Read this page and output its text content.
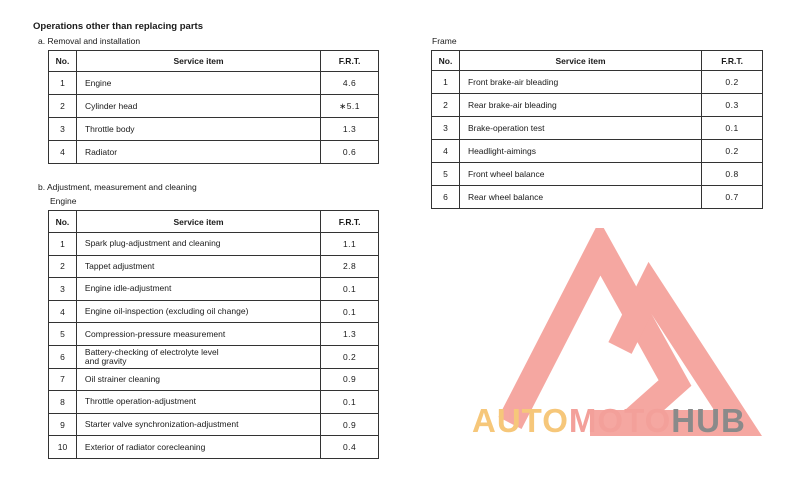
Operations other than replacing parts
a. Removal and installation
No.	Service item	F.R.T.
1	Engine	4.6
2	Cylinder head	∗5.1
3	Throttle body	1.3
4	Radiator	0.6
b. Adjustment, measurement and cleaning
Engine
No.	Service item	F.R.T.
1	Spark plug-adjustment and cleaning	1.1
2	Tappet adjustment	2.8
3	Engine idle-adjustment	0.1
4	Engine oil-inspection (excluding oil change)	0.1
5	Compression-pressure measurement	1.3
6	Battery-checking of electrolyte level and gravity	0.2
7	Oil strainer cleaning	0.9
8	Throttle operation-adjustment	0.1
9	Starter valve synchronization-adjustment	0.9
10	Exterior of radiator corecleaning	0.4
Frame
No.	Service item	F.R.T.
1	Front brake-air bleading	0.2
2	Rear brake-air bleading	0.3
3	Brake-operation test	0.1
4	Headlight-aimings	0.2
5	Front wheel balance	0.8
6	Rear wheel balance	0.7
AUTOMOTOHUB
